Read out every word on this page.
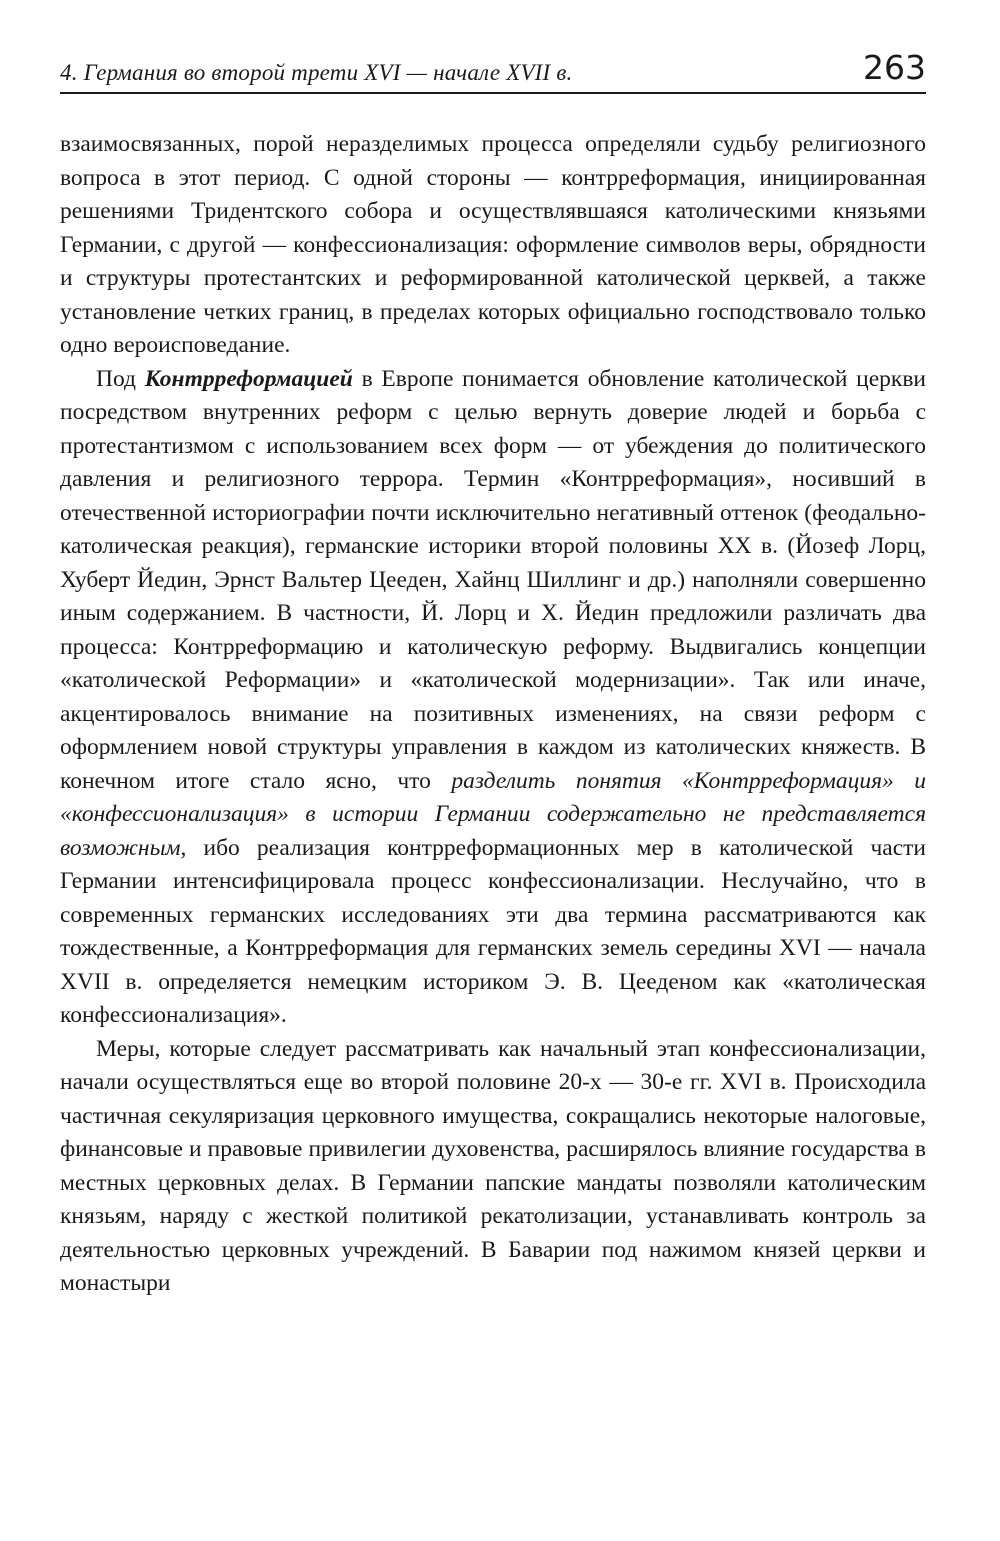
4. Германия во второй трети XVI — начале XVII в.	263

взаимосвязанных, порой неразделимых процесса определяли судьбу религиозного вопроса в этот период. С одной стороны — контрреформация, инициированная решениями Тридентского собора и осуществлявшаяся католическими князьями Германии, с другой — конфессионализация: оформление символов веры, обрядности и структуры протестантских и реформированной католической церквей, а также установление четких границ, в пределах которых официально господствовало только одно вероисповедание.

Под Контрреформацией в Европе понимается обновление католической церкви посредством внутренних реформ с целью вернуть доверие людей и борьба с протестантизмом с использованием всех форм — от убеждения до политического давления и религиозного террора. Термин «Контрреформация», носивший в отечественной историографии почти исключительно негативный оттенок (феодально-католическая реакция), германские историки второй половины XX в. (Йозеф Лорц, Хуберт Йедин, Эрнст Вальтер Цееден, Хайнц Шиллинг и др.) наполняли совершенно иным содержанием. В частности, Й. Лорц и Х. Йедин предложили различать два процесса: Контрреформацию и католическую реформу. Выдвигались концепции «католической Реформации» и «католической модернизации». Так или иначе, акцентировалось внимание на позитивных изменениях, на связи реформ с оформлением новой структуры управления в каждом из католических княжеств. В конечном итоге стало ясно, что разделить понятия «Контрреформация» и «конфессионализация» в истории Германии содержательно не представляется возможным, ибо реализация контрреформационных мер в католической части Германии интенсифицировала процесс конфессионализации. Неслучайно, что в современных германских исследованиях эти два термина рассматриваются как тождественные, а Контрреформация для германских земель середины XVI — начала XVII в. определяется немецким историком Э. В. Цееденом как «католическая конфессионализация».

Меры, которые следует рассматривать как начальный этап конфессионализации, начали осуществляться еще во второй половине 20-х — 30-е гг. XVI в. Происходила частичная секуляризация церковного имущества, сокращались некоторые налоговые, финансовые и правовые привилегии духовенства, расширялось влияние государства в местных церковных делах. В Германии папские мандаты позволяли католическим князьям, наряду с жесткой политикой рекатолизации, устанавливать контроль за деятельностью церковных учреждений. В Баварии под нажимом князей церкви и монастыри
